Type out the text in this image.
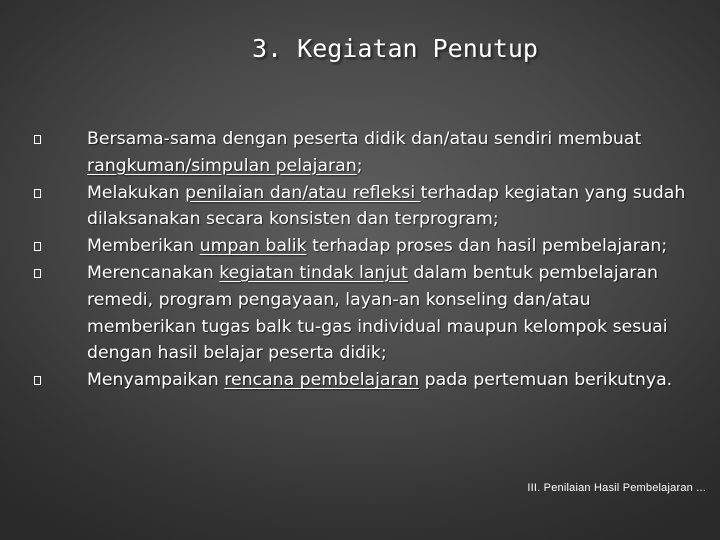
3. Kegiatan Penutup
Bersama-sama dengan peserta didik dan/atau sendiri membuat rangkuman/simpulan pelajaran;
Melakukan penilaian dan/atau refleksi terhadap kegiatan yang sudah dilaksanakan secara konsisten dan terprogram;
Memberikan umpan balik terhadap proses dan hasil pembelajaran;
Merencanakan kegiatan tindak lanjut dalam bentuk pembelajaran remedi, program pengayaan, layan-an konseling dan/atau memberikan tugas balk tu-gas individual maupun kelompok sesuai dengan hasil belajar peserta didik;
Menyampaikan rencana pembelajaran pada pertemuan berikutnya.
III. Penilaian Hasil Pembelajaran ...
